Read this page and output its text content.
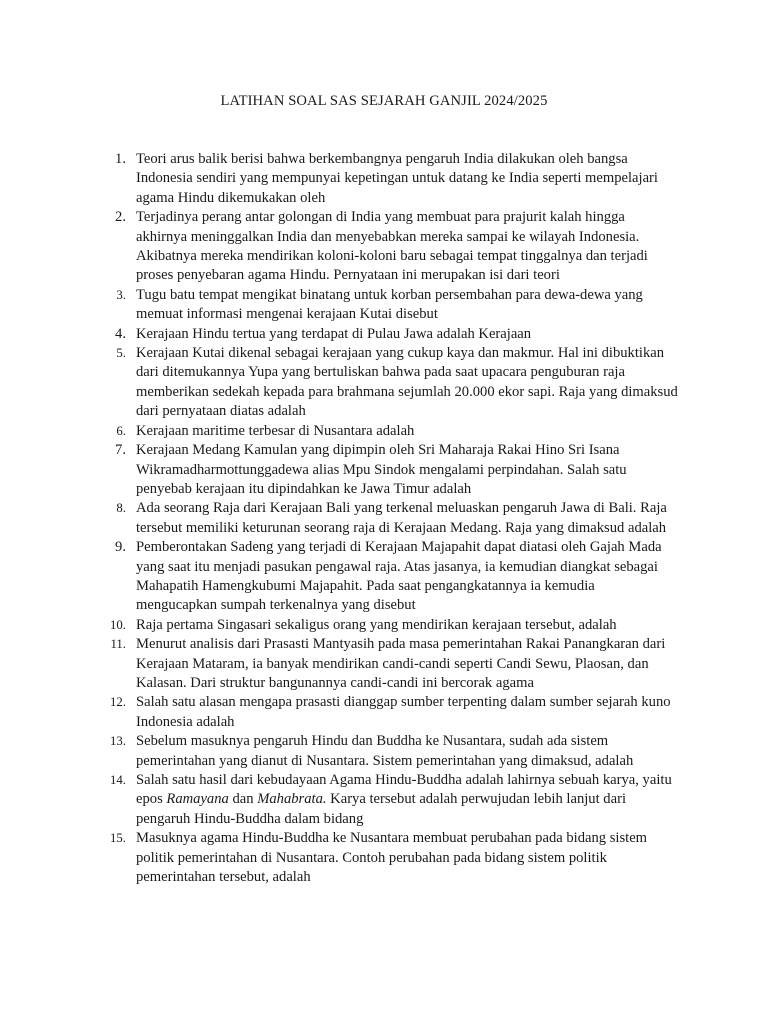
LATIHAN SOAL SAS SEJARAH GANJIL 2024/2025
1. Teori arus balik berisi bahwa berkembangnya pengaruh India dilakukan oleh bangsa Indonesia sendiri yang mempunyai kepetingan untuk datang ke India seperti mempelajari agama Hindu dikemukakan oleh
2. Terjadinya perang antar golongan di India yang membuat para prajurit kalah hingga akhirnya meninggalkan India dan menyebabkan mereka sampai ke wilayah Indonesia. Akibatnya mereka mendirikan koloni-koloni baru sebagai tempat tinggalnya dan terjadi proses penyebaran agama Hindu. Pernyataan ini merupakan isi dari teori
3. Tugu batu tempat mengikat binatang untuk korban persembahan para dewa-dewa yang memuat informasi mengenai kerajaan Kutai disebut
4. Kerajaan Hindu tertua yang terdapat di Pulau Jawa adalah Kerajaan
5. Kerajaan Kutai dikenal sebagai kerajaan yang cukup kaya dan makmur. Hal ini dibuktikan dari ditemukannya Yupa yang bertuliskan bahwa pada saat upacara penguburan raja memberikan sedekah kepada para brahmana sejumlah 20.000 ekor sapi. Raja yang dimaksud dari pernyataan diatas adalah
6. Kerajaan maritime terbesar di Nusantara adalah
7. Kerajaan Medang Kamulan yang dipimpin oleh Sri Maharaja Rakai Hino Sri Isana Wikramadharmottunggadewa alias Mpu Sindok mengalami perpindahan. Salah satu penyebab kerajaan itu dipindahkan ke Jawa Timur adalah
8. Ada seorang Raja dari Kerajaan Bali yang terkenal meluaskan pengaruh Jawa di Bali. Raja tersebut memiliki keturunan seorang raja di Kerajaan Medang. Raja yang dimaksud adalah
9. Pemberontakan Sadeng yang terjadi di Kerajaan Majapahit dapat diatasi oleh Gajah Mada yang saat itu menjadi pasukan pengawal raja. Atas jasanya, ia kemudian diangkat sebagai Mahapatih Hamengkubumi Majapahit. Pada saat pengangkatannya ia kemudia mengucapkan sumpah terkenalnya yang disebut
10. Raja pertama Singasari sekaligus orang yang mendirikan kerajaan tersebut, adalah
11. Menurut analisis dari Prasasti Mantyasih pada masa pemerintahan Rakai Panangkaran dari Kerajaan Mataram, ia banyak mendirikan candi-candi seperti Candi Sewu, Plaosan, dan Kalasan. Dari struktur bangunannya candi-candi ini bercorak agama
12. Salah satu alasan mengapa prasasti dianggap sumber terpenting dalam sumber sejarah kuno Indonesia adalah
13. Sebelum masuknya pengaruh Hindu dan Buddha ke Nusantara, sudah ada sistem pemerintahan yang dianut di Nusantara. Sistem pemerintahan yang dimaksud, adalah
14. Salah satu hasil dari kebudayaan Agama Hindu-Buddha adalah lahirnya sebuah karya, yaitu epos Ramayana dan Mahabrata. Karya tersebut adalah perwujudan lebih lanjut dari pengaruh Hindu-Buddha dalam bidang
15. Masuknya agama Hindu-Buddha ke Nusantara membuat perubahan pada bidang sistem politik pemerintahan di Nusantara. Contoh perubahan pada bidang sistem politik pemerintahan tersebut, adalah
